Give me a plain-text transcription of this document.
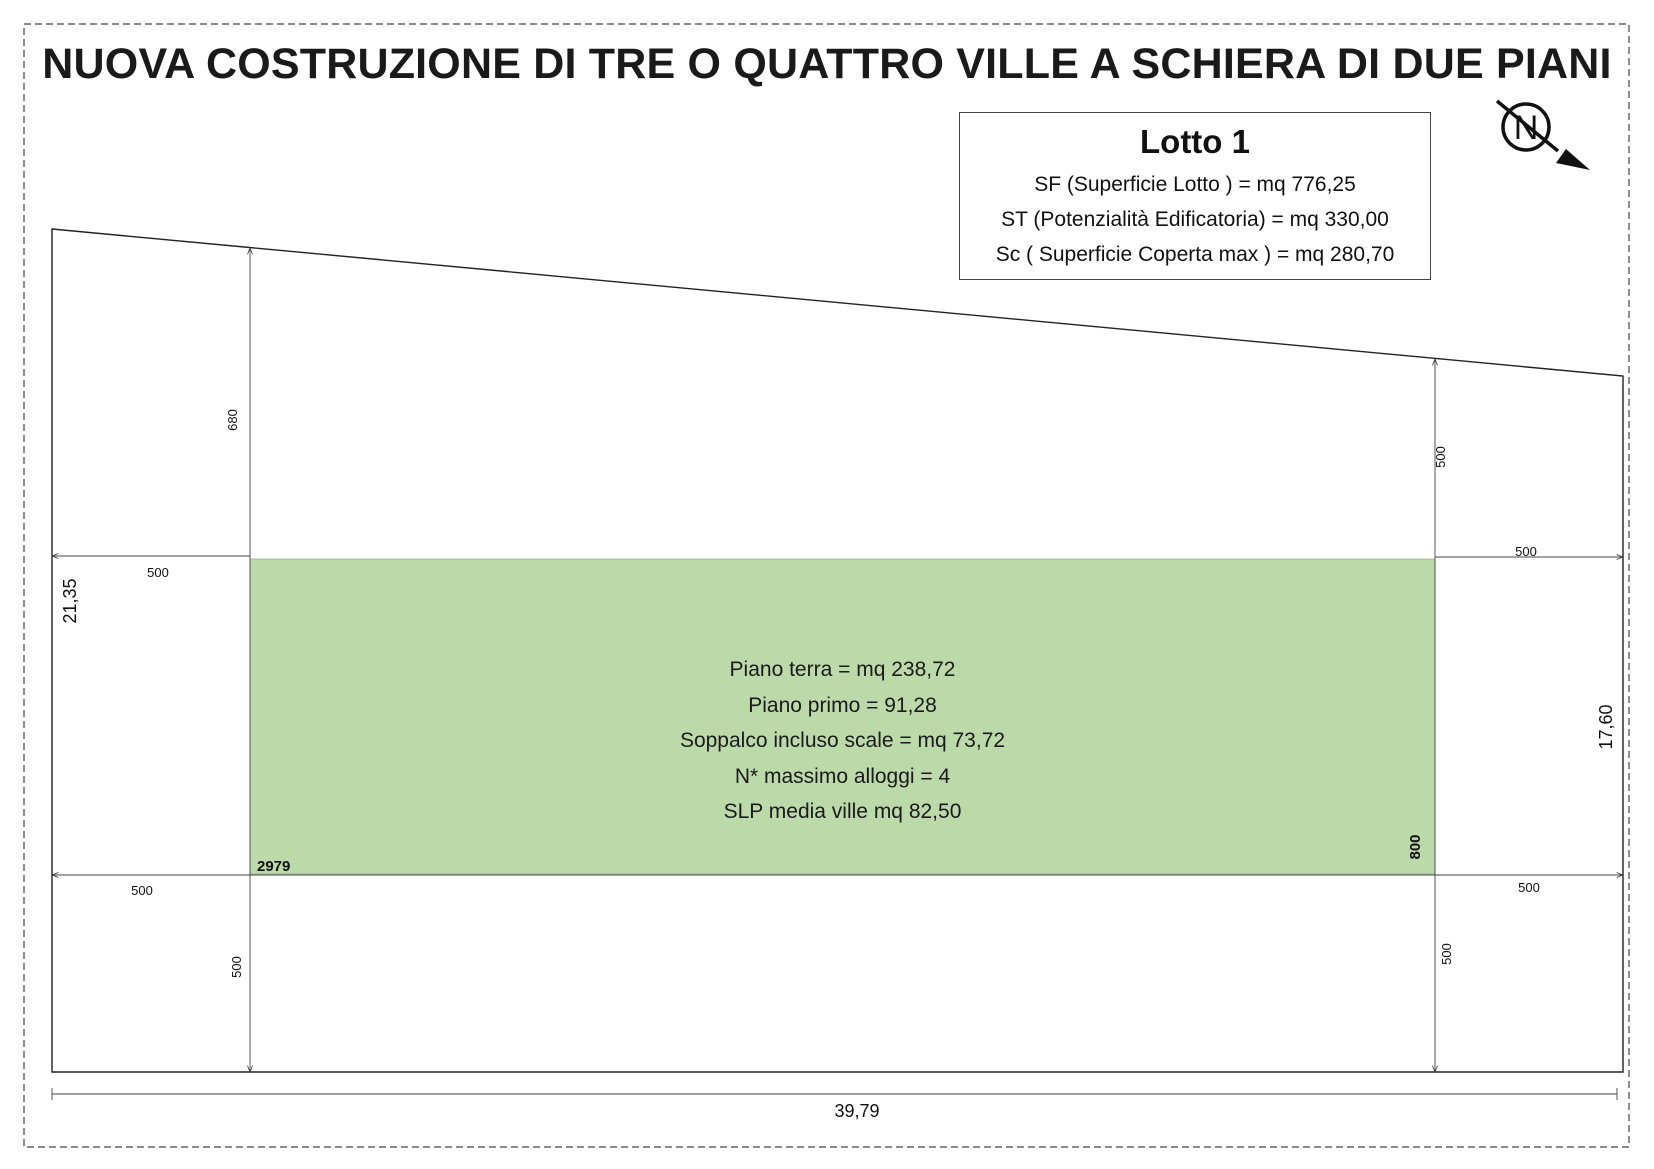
500
500
500	500
680
500
500
500
21,35
17,60
39,79
2979
800
N
NUOVA COSTRUZIONE DI TRE O QUATTRO VILLE A SCHIERA DI DUE PIANI
Lotto 1
SF (Superficie Lotto ) = mq 776,25
ST (Potenzialità Edificatoria) = mq 330,00
Sc ( Superficie Coperta max ) = mq 280,70
Piano terra = mq 238,72
Piano primo = 91,28
Soppalco incluso scale = mq 73,72
N* massimo alloggi = 4
SLP media ville mq 82,50
